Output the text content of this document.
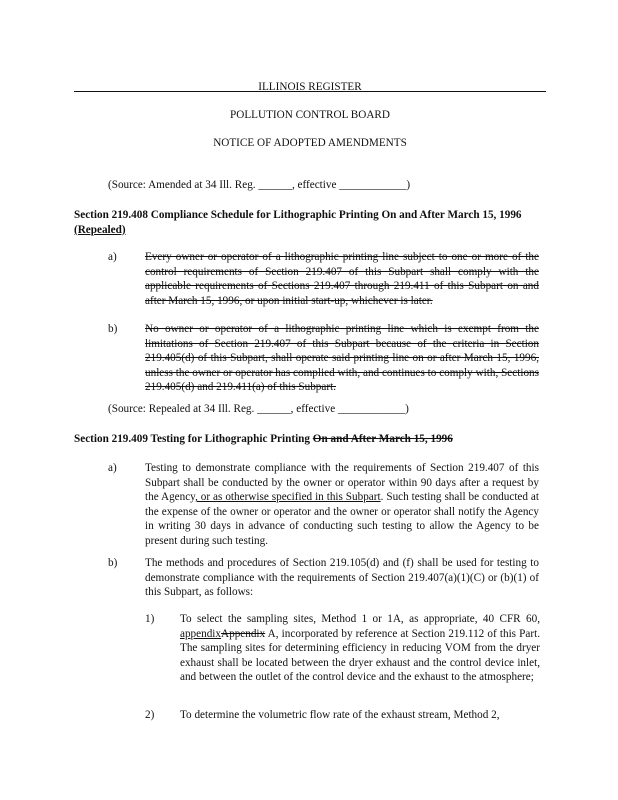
ILLINOIS REGISTER
POLLUTION CONTROL BOARD
NOTICE OF ADOPTED AMENDMENTS
(Source: Amended at 34 Ill. Reg. ______, effective ____________)

Section 219.408 Compliance Schedule for Lithographic Printing On and After March 15, 1996 (Repealed)

a)	Every owner or operator of a lithographic printing line subject to one or more of the control requirements of Section 219.407 of this Subpart shall comply with the applicable requirements of Sections 219.407 through 219.411 of this Subpart on and after March 15, 1996, or upon initial start-up, whichever is later.

b) No owner or operator of a lithographic printing line which is exempt from the limitations of Section 219.407 of this Subpart because of the criteria in Section 219.405(d) of this Subpart, shall operate said printing line on or after March 15, 1996, unless the owner or operator has complied with, and continues to comply with, Sections 219.405(d) and 219.411(a) of this Subpart.

(Source: Repealed at 34 Ill. Reg. ______, effective ____________)
Section 219.409 Testing for Lithographic Printing On and After March 15, 1996
a)	Testing to demonstrate compliance with the requirements of Section 219.407 of this Subpart shall be conducted by the owner or operator within 90 days after a request by the Agency, or as otherwise specified in this Subpart. Such testing shall be conducted at the expense of the owner or operator and the owner or operator shall notify the Agency in writing 30 days in advance of conducting such testing to allow the Agency to be present during such testing.

b) The methods and procedures of Section 219.105(d) and (f) shall be used for testing to demonstrate compliance with the requirements of Section 219.407(a)(1)(C) or (b)(1) of this Subpart, as follows:

1) To select the sampling sites, Method 1 or 1A, as appropriate, 40 CFR 60, appendixAppendix A, incorporated by reference at Section 219.112 of this Part. The sampling sites for determining efficiency in reducing VOM from the dryer exhaust shall be located between the dryer exhaust and the control device inlet, and between the outlet of the control device and the exhaust to the atmosphere;

2) To determine the volumetric flow rate of the exhaust stream, Method 2,
